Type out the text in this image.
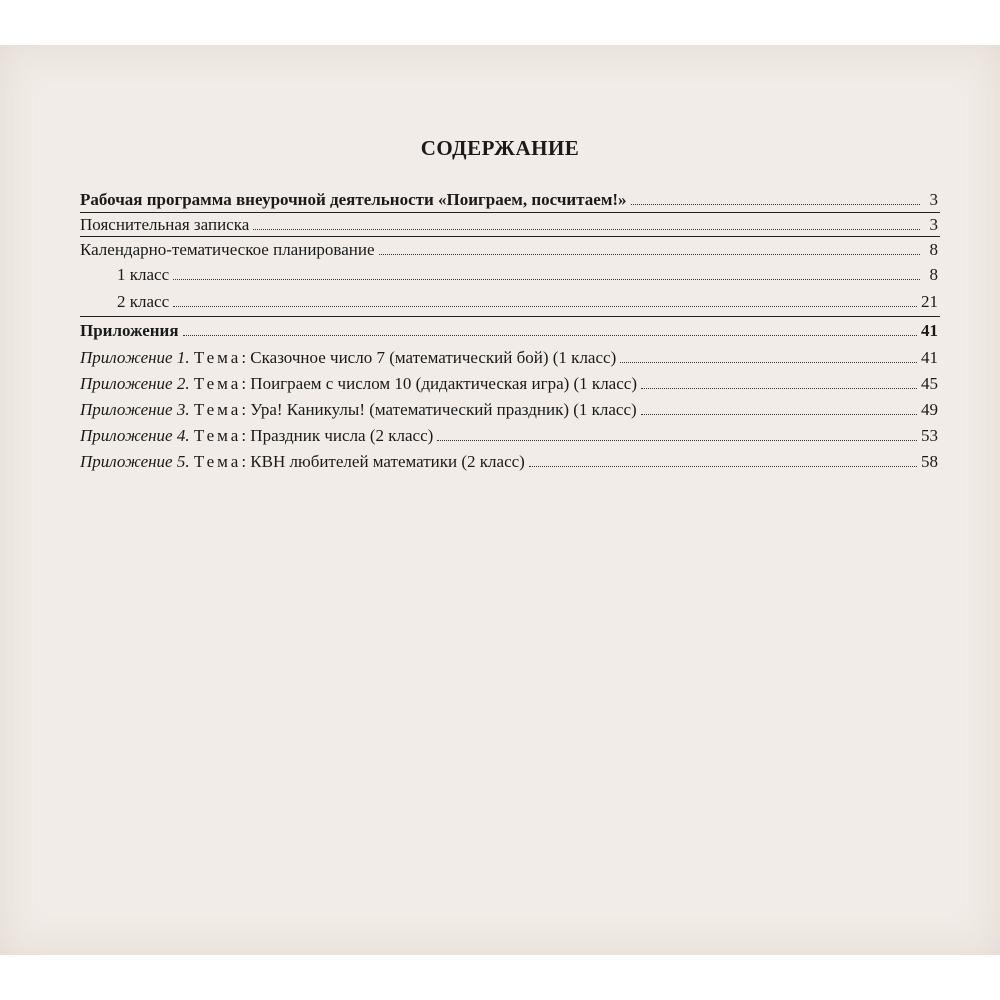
СОДЕРЖАНИЕ
Рабочая программа внеурочной деятельности «Поиграем, посчитаем!»	3
Пояснительная записка	3
Календарно-тематическое планирование	8
1 класс	8
2 класс	21
Приложения	41
Приложение 1. Тема: Сказочное число 7 (математический бой) (1 класс)	41
Приложение 2. Тема: Поиграем с числом 10 (дидактическая игра) (1 класс)	45
Приложение 3. Тема: Ура! Каникулы! (математический праздник) (1 класс)	49
Приложение 4. Тема: Праздник числа (2 класс)	53
Приложение 5. Тема: КВН любителей математики (2 класс)	58
